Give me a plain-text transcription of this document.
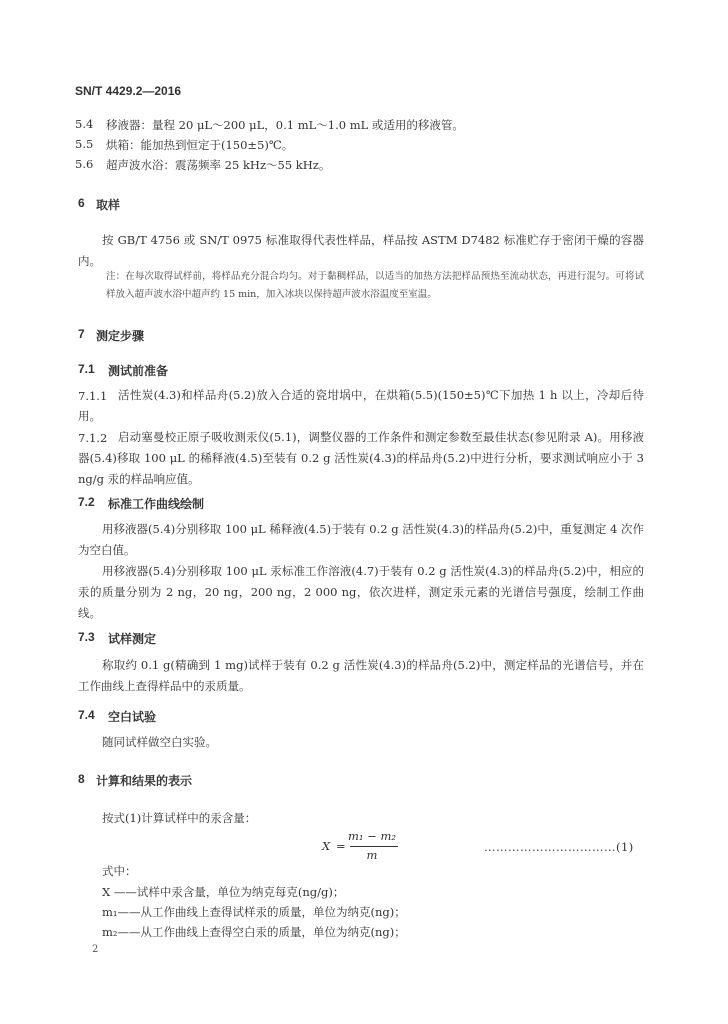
SN/T 4429.2—2016
5.4 移液器：量程 20 μL～200 μL，0.1 mL～1.0 mL 或适用的移液管。
5.5 烘箱：能加热到恒定于(150±5)℃。
5.6 超声波水浴：震荡频率 25 kHz～55 kHz。
6 取样
按 GB/T 4756 或 SN/T 0975 标准取得代表性样品，样品按 ASTM D7482 标准贮存于密闭干燥的容器内。
注：在每次取得试样前，将样品充分混合均匀。对于黏稠样品，以适当的加热方法把样品预热至流动状态，再进行混匀。可将试样放入超声波水浴中超声约 15 min，加入冰块以保持超声波水浴温度至室温。
7 测定步骤
7.1 测试前准备
7.1.1 活性炭(4.3)和样品舟(5.2)放入合适的瓷坩埚中，在烘箱(5.5)(150±5)℃下加热 1 h 以上，冷却后待用。
7.1.2 启动塞曼校正原子吸收测汞仪(5.1)，调整仪器的工作条件和测定参数至最佳状态(参见附录 A)。用移液器(5.4)移取 100 μL 的稀释液(4.5)至装有 0.2 g 活性炭(4.3)的样品舟(5.2)中进行分析，要求测试响应小于 3 ng/g 汞的样品响应值。
7.2 标准工作曲线绘制
用移液器(5.4)分别移取 100 μL 稀释液(4.5)于装有 0.2 g 活性炭(4.3)的样品舟(5.2)中，重复测定 4 次作为空白值。
用移液器(5.4)分别移取 100 μL 汞标准工作溶液(4.7)于装有 0.2 g 活性炭(4.3)的样品舟(5.2)中，相应的汞的质量分别为 2 ng，20 ng，200 ng，2 000 ng，依次进样，测定汞元素的光谱信号强度，绘制工作曲线。
7.3 试样测定
称取约 0.1 g(精确到 1 mg)试样于装有 0.2 g 活性炭(4.3)的样品舟(5.2)中，测定样品的光谱信号，并在工作曲线上查得样品中的汞质量。
7.4 空白试验
随同试样做空白实验。
8 计算和结果的表示
按式(1)计算试样中的汞含量：
X =
m₁ − m₂
m
……………………………(1)
式中：
X ——试样中汞含量，单位为纳克每克(ng/g)；
m₁——从工作曲线上查得试样汞的质量，单位为纳克(ng)；
m₂——从工作曲线上查得空白汞的质量，单位为纳克(ng)；
2
